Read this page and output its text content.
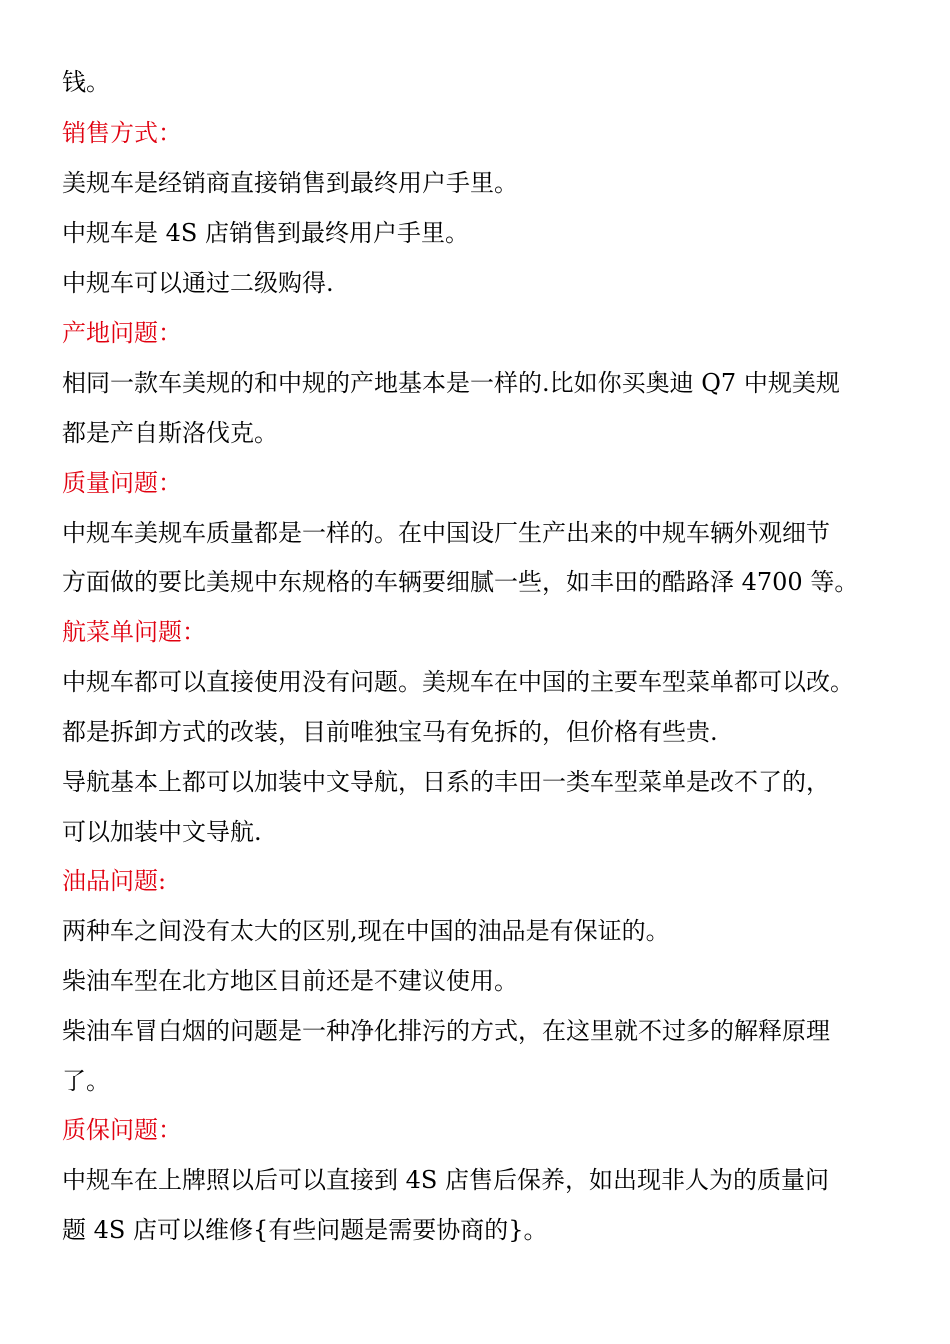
钱。
销售方式：
美规车是经销商直接销售到最终用户手里。
中规车是 4S 店销售到最终用户手里。
中规车可以通过二级购得.
产地问题：
相同一款车美规的和中规的产地基本是一样的.比如你买奥迪 Q7 中规美规
都是产自斯洛伐克。
质量问题：
中规车美规车质量都是一样的。在中国设厂生产出来的中规车辆外观细节
方面做的要比美规中东规格的车辆要细腻一些，如丰田的酷路泽 4700 等。
航菜单问题：
中规车都可以直接使用没有问题。美规车在中国的主要车型菜单都可以改。
都是拆卸方式的改装，目前唯独宝马有免拆的，但价格有些贵.
导航基本上都可以加装中文导航，日系的丰田一类车型菜单是改不了的，
可以加装中文导航.
油品问题:
两种车之间没有太大的区别,现在中国的油品是有保证的。
柴油车型在北方地区目前还是不建议使用。
柴油车冒白烟的问题是一种净化排污的方式，在这里就不过多的解释原理
了。
质保问题：
中规车在上牌照以后可以直接到 4S 店售后保养，如出现非人为的质量问
题 4S 店可以维修{有些问题是需要协商的}。
